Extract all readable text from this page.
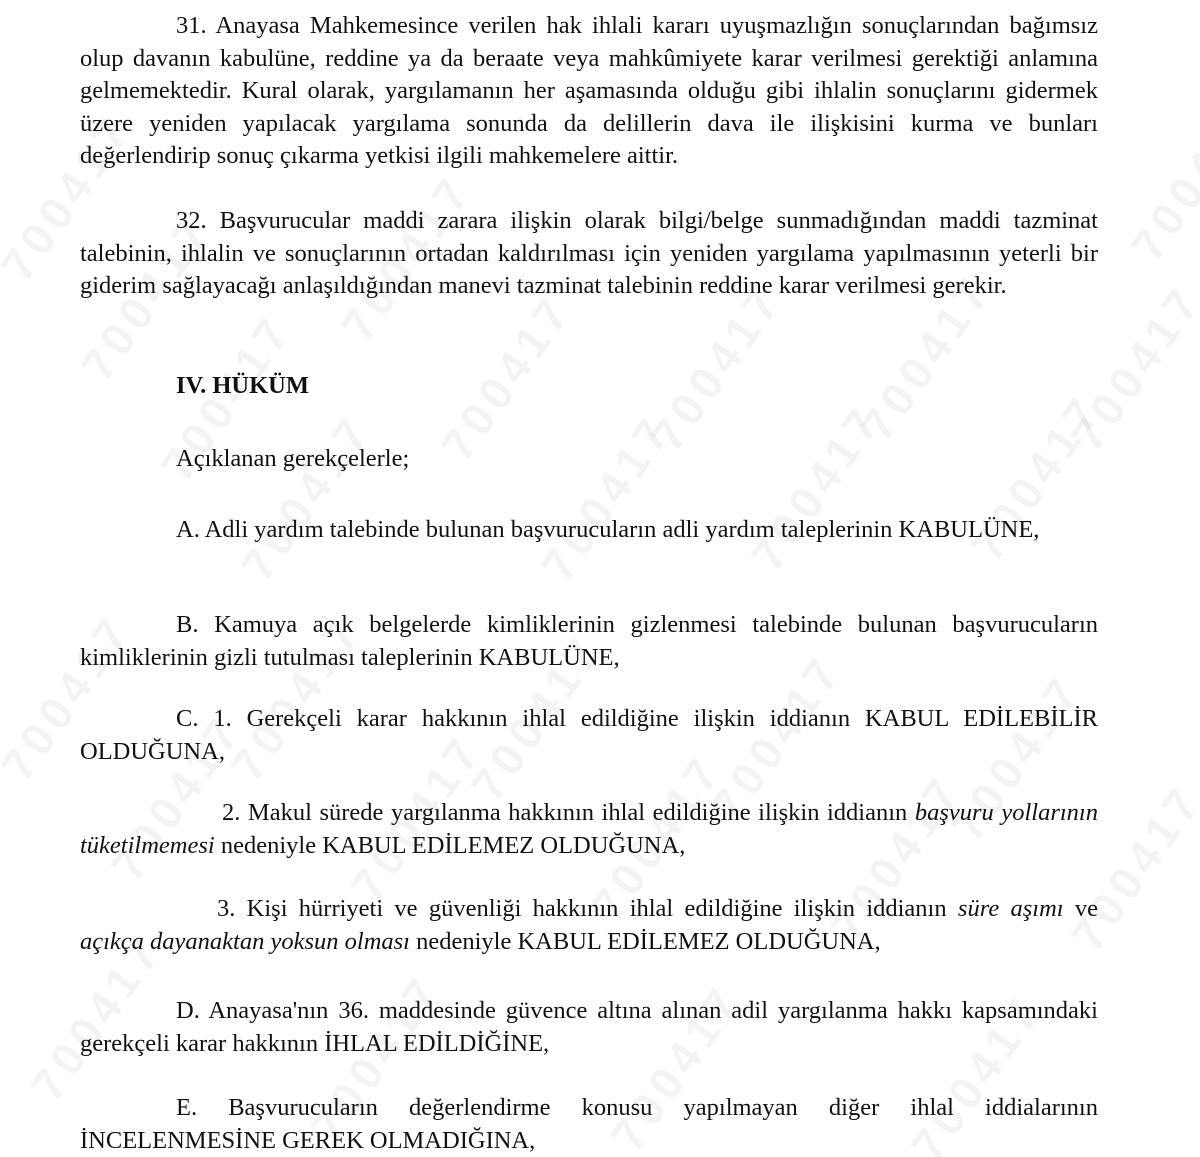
31. Anayasa Mahkemesince verilen hak ihlali kararı uyuşmazlığın sonuçlarından bağımsız olup davanın kabulüne, reddine ya da beraate veya mahkûmiyete karar verilmesi gerektiği anlamına gelmemektedir. Kural olarak, yargılamanın her aşamasında olduğu gibi ihlalin sonuçlarını gidermek üzere yeniden yapılacak yargılama sonunda da delillerin dava ile ilişkisini kurma ve bunları değerlendirip sonuç çıkarma yetkisi ilgili mahkemelere aittir.

32. Başvurucular maddi zarara ilişkin olarak bilgi/belge sunmadığından maddi tazminat talebinin, ihlalin ve sonuçlarının ortadan kaldırılması için yeniden yargılama yapılmasının yeterli bir giderim sağlayacağı anlaşıldığından manevi tazminat talebinin reddine karar verilmesi gerekir.

IV. HÜKÜM

Açıklanan gerekçelerle;

A. Adli yardım talebinde bulunan başvurucuların adli yardım taleplerinin KABULÜNE,

B. Kamuya açık belgelerde kimliklerinin gizlenmesi talebinde bulunan başvurucuların kimliklerinin gizli tutulması taleplerinin KABULÜNE,

C. 1. Gerekçeli karar hakkının ihlal edildiğine ilişkin iddianın KABUL EDİLEBİLİR OLDUĞUNA,

2. Makul sürede yargılanma hakkının ihlal edildiğine ilişkin iddianın başvuru yollarının tüketilmemesi nedeniyle KABUL EDİLEMEZ OLDUĞUNA,

3. Kişi hürriyeti ve güvenliği hakkının ihlal edildiğine ilişkin iddianın süre aşımı ve açıkça dayanaktan yoksun olması nedeniyle KABUL EDİLEMEZ OLDUĞUNA,

D. Anayasa'nın 36. maddesinde güvence altına alınan adil yargılanma hakkı kapsamındaki gerekçeli karar hakkının İHLAL EDİLDİĞİNE,

E. Başvurucuların değerlendirme konusu yapılmayan diğer ihlal iddialarının İNCELENMESİNE GEREK OLMADIĞINA,
